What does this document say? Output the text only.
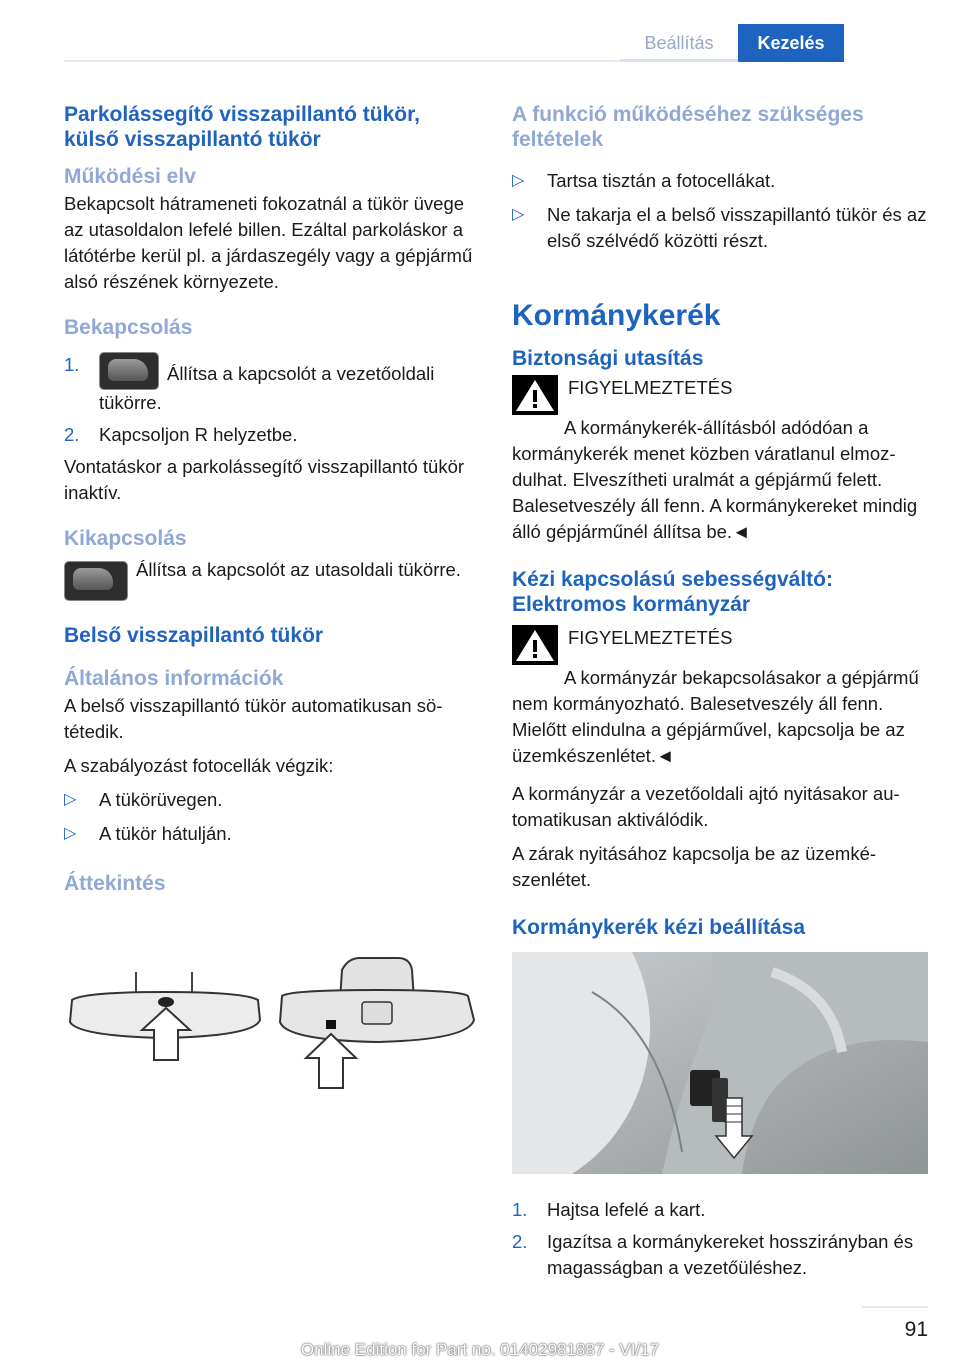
Beállítás	Kezelés
Parkolássegítő visszapillantó tükör, külső visszapillantó tükör
Működési elv

Bekapcsolt hátrameneti fokozatnál a tükör üvege az utasoldalon lefelé billen. Ezáltal parkoláskor a látótérbe kerül pl. a járdaszegély vagy a gépjármű alsó részének környezete.

Bekapcsolás
1.	Állítsa a kapcsolót a vezetőoldali tükörre.
2.	Kapcsoljon R helyzetbe.

Vontatáskor a parkolássegítő visszapillantó tükör inaktív.

Kikapcsolás
Állítsa a kapcsolót az utasoldali tükörre.
Belső visszapillantó tükör
Általános információk

A belső visszapillantó tükör automatikusan sötétedik.

A szabályozást fotocellák végzik:

▷	A tükörüvegen.
▷	A tükör hátulján.
Áttekintés
A funkció működéséhez szükséges feltételek
▷	Tartsa tisztán a fotocellákat.
▷	Ne takarja el a belső visszapillantó tükör és az első szélvédő közötti részt.
Kormánykerék
Biztonsági utasítás
FIGYELMEZTETÉS

A kormánykerék-állításból adódóan a kormánykerék menet közben váratlanul elmozdulhat. Elveszítheti uralmát a gépjármű felett. Balesetveszély áll fenn. A kormánykereket mindig álló gépjárműnél állítsa be.◄

Kézi kapcsolású sebességváltó: Elektromos kormányzár
FIGYELMEZTETÉS

A kormányzár bekapcsolásakor a gépjármű nem kormányozható. Balesetveszély áll fenn. Mielőtt elindulna a gépjárművel, kapcsolja be az üzemkészenlétet.◄

A kormányzár a vezetőoldali ajtó nyitásakor automatikusan aktiválódik.

A zárak nyitásához kapcsolja be az üzemkészenlétet.

Kormánykerék kézi beállítása
1.	Hajtsa lefelé a kart.
2.	Igazítsa a kormánykereket hosszirányban és magasságban a vezetőüléshez.
91
Online Edition for Part no. 01402981887 - VI/17
